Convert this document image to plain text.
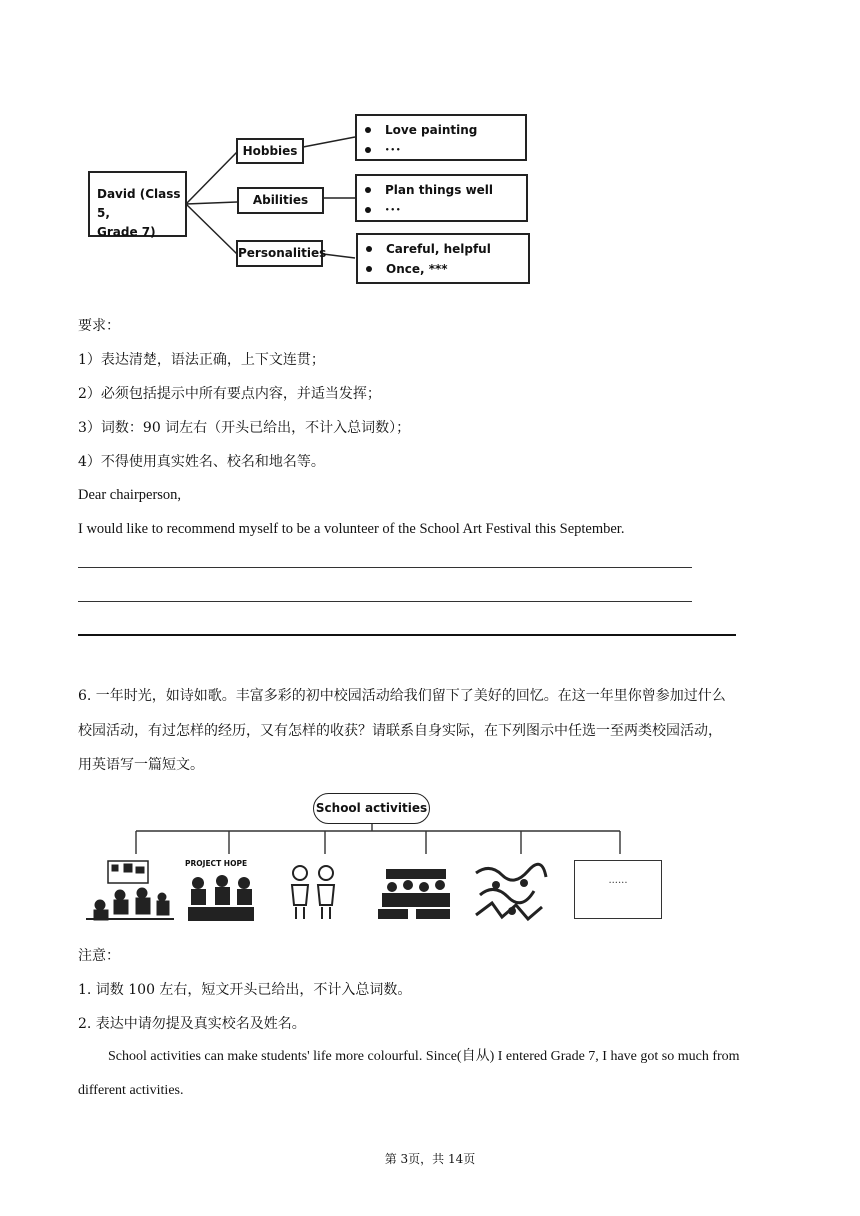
David (Class 5,
Grade 7)
Hobbies
Abilities
Personalities
Love painting
•••
Plan things well
•••
Careful, helpful
Once, ***
要求：
1）表达清楚，语法正确，上下文连贯；
2）必须包括提示中所有要点内容，并适当发挥；
3）词数：90 词左右（开头已给出，不计入总词数）；
4）不得使用真实姓名、校名和地名等。
Dear chairperson,
I would like to recommend myself to be a volunteer of the School Art Festival this September.
6. 一年时光，如诗如歌。丰富多彩的初中校园活动给我们留下了美好的回忆。在这一年里你曾参加过什么
校园活动，有过怎样的经历，又有怎样的收获？请联系自身实际，在下列图示中任选一至两类校园活动，
用英语写一篇短文。
School activities
PROJECT HOPE
......
注意：
1. 词数 100 左右，短文开头已给出，不计入总词数。
2. 表达中请勿提及真实校名及姓名。
School activities can make students' life more colourful. Since(自从) I entered Grade 7, I have got so much from
different activities.
第 3页，共 14页
